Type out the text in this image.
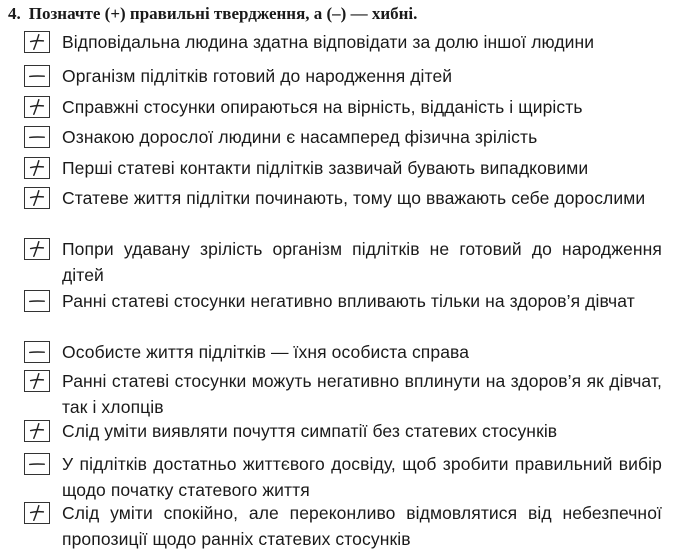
4. Позначте (+) правильні твердження, а (–) — хибні.

Відповідальна людина здатна відповідати за долю іншої людини

Організм підлітків готовий до народження дітей

Справжні стосунки опираються на вірність, відданість і щирість

Ознакою дорослої людини є насамперед фізична зрілість

Перші статеві контакти підлітків зазвичай бувають випадковими

Статеве життя підлітки починають, тому що вважають себе дорослими

Попри удавану зрілість організм підлітків не готовий до народження дітей

Ранні статеві стосунки негативно впливають тільки на здоров’я дівчат

Особисте життя підлітків — їхня особиста справа

Ранні статеві стосунки можуть негативно вплинути на здоров’я як дівчат, так і хлопців

Слід уміти виявляти почуття симпатії без статевих стосунків

У підлітків достатньо життєвого досвіду, щоб зробити правильний вибір щодо початку статевого життя

Слід уміти спокійно, але переконливо відмовлятися від небезпечної пропозиції щодо ранніх статевих стосунків
